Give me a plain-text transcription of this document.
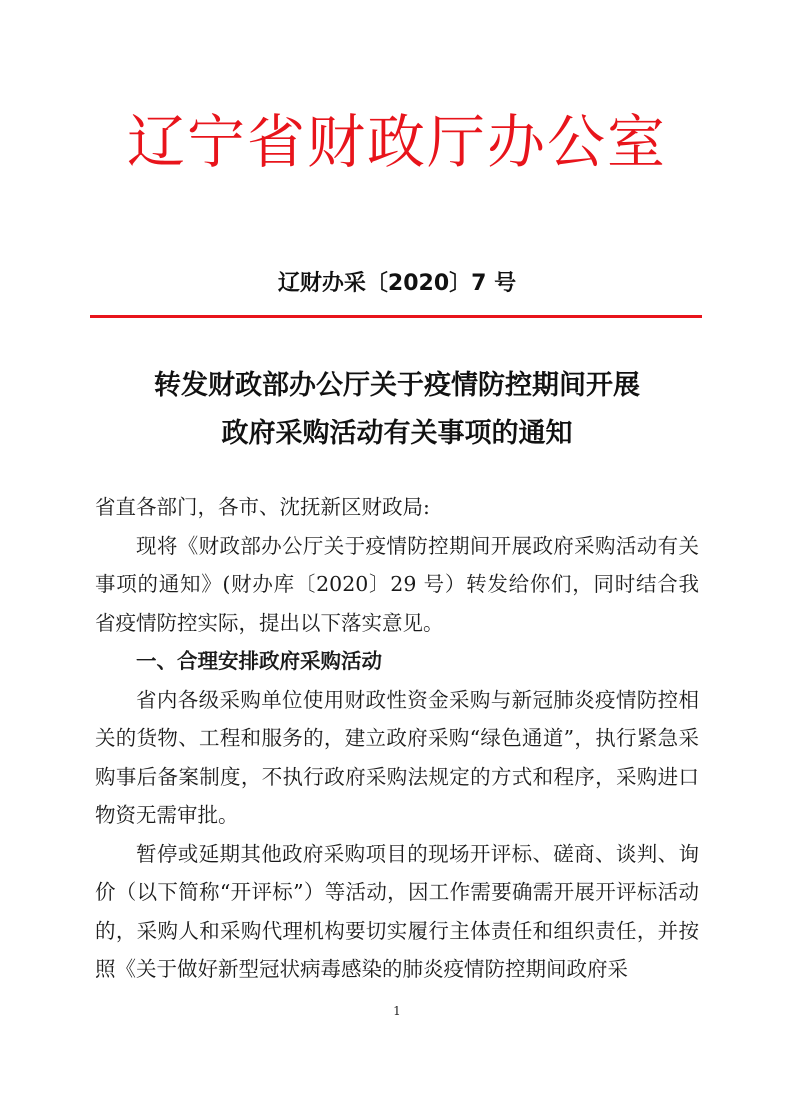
辽宁省财政厅办公室
辽财办采〔2020〕7 号
转发财政部办公厅关于疫情防控期间开展
政府采购活动有关事项的通知

省直各部门，各市、沈抚新区财政局:

现将《财政部办公厅关于疫情防控期间开展政府采购活动有关事项的通知》(财办库〔2020〕29 号）转发给你们，同时结合我省疫情防控实际，提出以下落实意见。

一、合理安排政府采购活动

省内各级采购单位使用财政性资金采购与新冠肺炎疫情防控相关的货物、工程和服务的，建立政府采购“绿色通道”，执行紧急采购事后备案制度，不执行政府采购法规定的方式和程序，采购进口物资无需审批。

暂停或延期其他政府采购项目的现场开评标、磋商、谈判、询价（以下简称“开评标”）等活动，因工作需要确需开展开评标活动的，采购人和采购代理机构要切实履行主体责任和组织责任，并按照《关于做好新型冠状病毒感染的肺炎疫情防控期间政府采

1
